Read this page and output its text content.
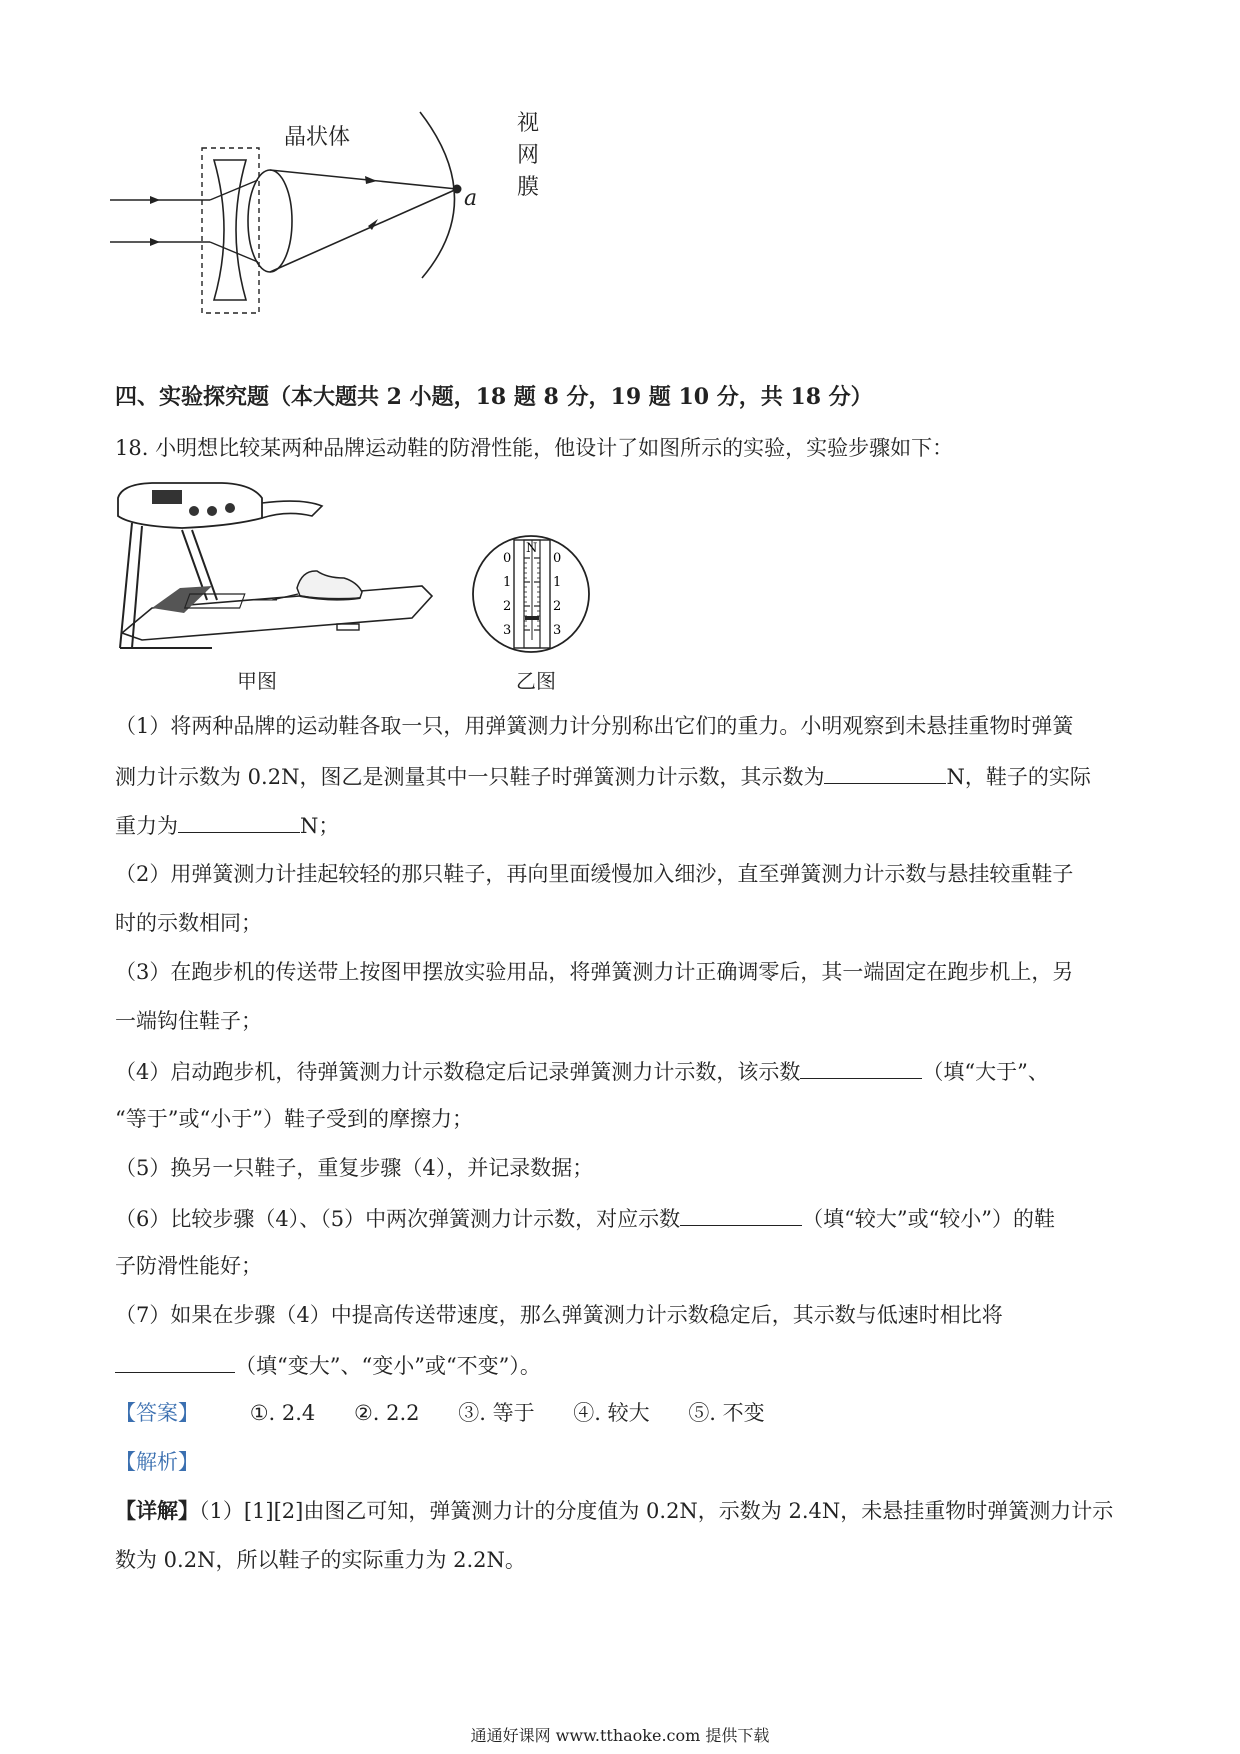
晶状体
视
网
膜
a
四、实验探究题（本大题共 2 小题，18 题 8 分，19 题 10 分，共 18 分）
18. 小明想比较某两种品牌运动鞋的防滑性能，他设计了如图所示的实验，实验步骤如下：
甲图
N
0
1
2
3
0
1
2
3
乙图
（1）将两种品牌的运动鞋各取一只，用弹簧测力计分别称出它们的重力。小明观察到未悬挂重物时弹簧
测力计示数为 0.2N，图乙是测量其中一只鞋子时弹簧测力计示数，其示数为	N，鞋子的实际
重力为	N；
（2）用弹簧测力计挂起较轻的那只鞋子，再向里面缓慢加入细沙，直至弹簧测力计示数与悬挂较重鞋子
时的示数相同；
（3）在跑步机的传送带上按图甲摆放实验用品，将弹簧测力计正确调零后，其一端固定在跑步机上，另
一端钩住鞋子；
（4）启动跑步机，待弹簧测力计示数稳定后记录弹簧测力计示数，该示数	（填“大于”、
“等于”或“小于”）鞋子受到的摩擦力；
（5）换另一只鞋子，重复步骤（4），并记录数据；
（6）比较步骤（4）、（5）中两次弹簧测力计示数，对应示数	（填“较大”或“较小”）的鞋
子防滑性能好；
（7）如果在步骤（4）中提高传送带速度，那么弹簧测力计示数稳定后，其示数与低速时相比将
（填“变大”、“变小”或“不变”）。
【答案】 ①. 2.4 ②. 2.2 ③. 等于 ④. 较大 ⑤. 不变
【解析】
【详解】（1）[1][2]由图乙可知，弹簧测力计的分度值为 0.2N，示数为 2.4N，未悬挂重物时弹簧测力计示
数为 0.2N，所以鞋子的实际重力为 2.2N。
通通好课网 www.tthaoke.com 提供下载
